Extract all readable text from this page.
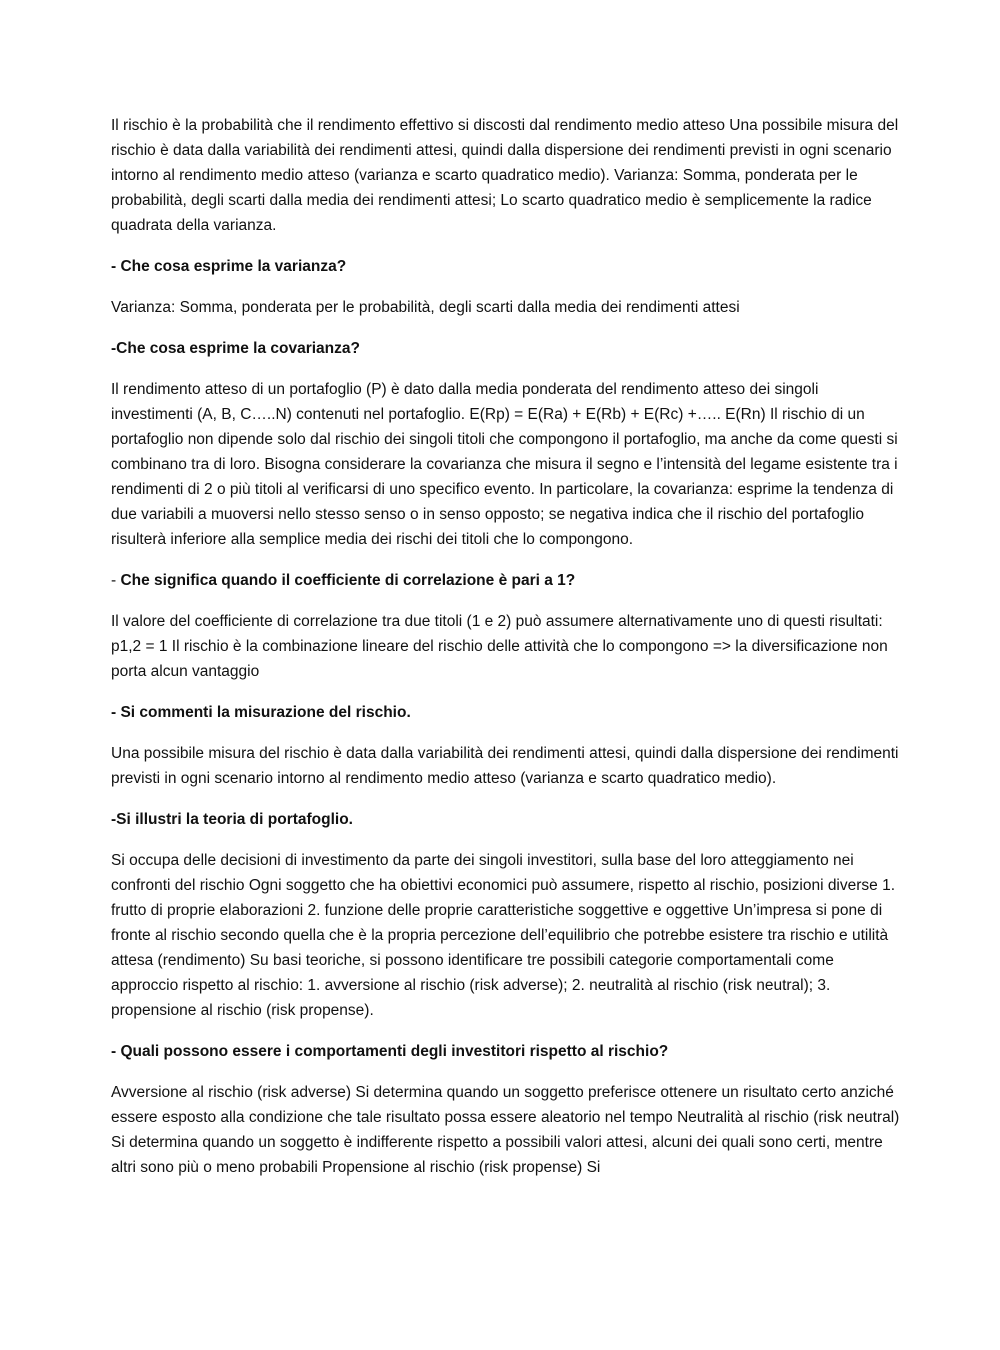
Il rischio è la probabilità che il rendimento effettivo si discosti dal rendimento medio atteso Una possibile misura del rischio è data dalla variabilità dei rendimenti attesi, quindi dalla dispersione dei rendimenti previsti in ogni scenario intorno al rendimento medio atteso (varianza e scarto quadratico medio). Varianza: Somma, ponderata per le probabilità, degli scarti dalla media dei rendimenti attesi; Lo scarto quadratico medio è semplicemente la radice quadrata della varianza.

- Che cosa esprime la varianza?

Varianza: Somma, ponderata per le probabilità, degli scarti dalla media dei rendimenti attesi

-Che cosa esprime la covarianza?

Il rendimento atteso di un portafoglio (P) è dato dalla media ponderata del rendimento atteso dei singoli investimenti (A, B, C…..N) contenuti nel portafoglio. E(Rp) = E(Ra) + E(Rb) + E(Rc) +….. E(Rn) Il rischio di un portafoglio non dipende solo dal rischio dei singoli titoli che compongono il portafoglio, ma anche da come questi si combinano tra di loro. Bisogna considerare la covarianza che misura il segno e l’intensità del legame esistente tra i rendimenti di 2 o più titoli al verificarsi di uno specifico evento. In particolare, la covarianza: esprime la tendenza di due variabili a muoversi nello stesso senso o in senso opposto; se negativa indica che il rischio del portafoglio risulterà inferiore alla semplice media dei rischi dei titoli che lo compongono.

- Che significa quando il coefficiente di correlazione è pari a 1?

Il valore del coefficiente di correlazione tra due titoli (1 e 2) può assumere alternativamente uno di questi risultati: p1,2 = 1 Il rischio è la combinazione lineare del rischio delle attività che lo compongono => la diversificazione non porta alcun vantaggio

- Si commenti la misurazione del rischio.

Una possibile misura del rischio è data dalla variabilità dei rendimenti attesi, quindi dalla dispersione dei rendimenti previsti in ogni scenario intorno al rendimento medio atteso (varianza e scarto quadratico medio).

-Si illustri la teoria di portafoglio.

Si occupa delle decisioni di investimento da parte dei singoli investitori, sulla base del loro atteggiamento nei confronti del rischio Ogni soggetto che ha obiettivi economici può assumere, rispetto al rischio, posizioni diverse 1. frutto di proprie elaborazioni 2. funzione delle proprie caratteristiche soggettive e oggettive Un’impresa si pone di fronte al rischio secondo quella che è la propria percezione dell’equilibrio che potrebbe esistere tra rischio e utilità attesa (rendimento) Su basi teoriche, si possono identificare tre possibili categorie comportamentali come approccio rispetto al rischio: 1. avversione al rischio (risk adverse); 2. neutralità al rischio (risk neutral); 3. propensione al rischio (risk propense).

- Quali possono essere i comportamenti degli investitori rispetto al rischio?

Avversione al rischio (risk adverse) Si determina quando un soggetto preferisce ottenere un risultato certo anziché essere esposto alla condizione che tale risultato possa essere aleatorio nel tempo Neutralità al rischio (risk neutral) Si determina quando un soggetto è indifferente rispetto a possibili valori attesi, alcuni dei quali sono certi, mentre altri sono più o meno probabili Propensione al rischio (risk propense) Si
